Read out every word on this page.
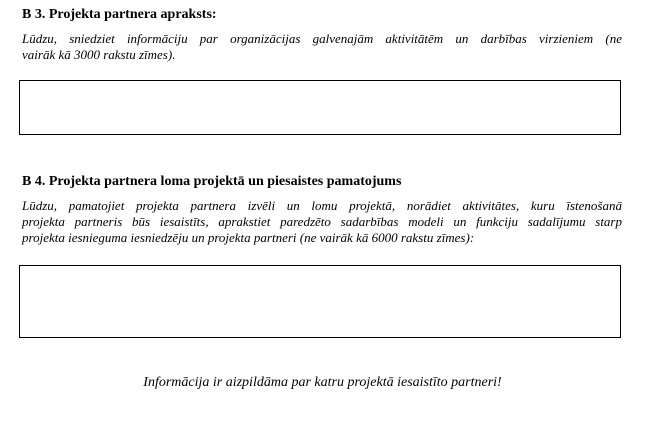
B 3. Projekta partnera apraksts:

Lūdzu, sniedziet informāciju par organizācijas galvenajām aktivitātēm un darbības virzieniem (ne
vairāk kā 3000 rakstu zīmes).

B 4. Projekta partnera loma projektā un piesaistes pamatojums

Lūdzu, pamatojiet projekta partnera izvēli un lomu projektā, norādiet aktivitātes, kuru īstenošanā
projekta partneris būs iesaistīts, aprakstiet paredzēto sadarbības modeli un funkciju sadalījumu starp
projekta iesnieguma iesniedzēju un projekta partneri (ne vairāk kā 6000 rakstu zīmes):

Informācija ir aizpildāma par katru projektā iesaistīto partneri!
